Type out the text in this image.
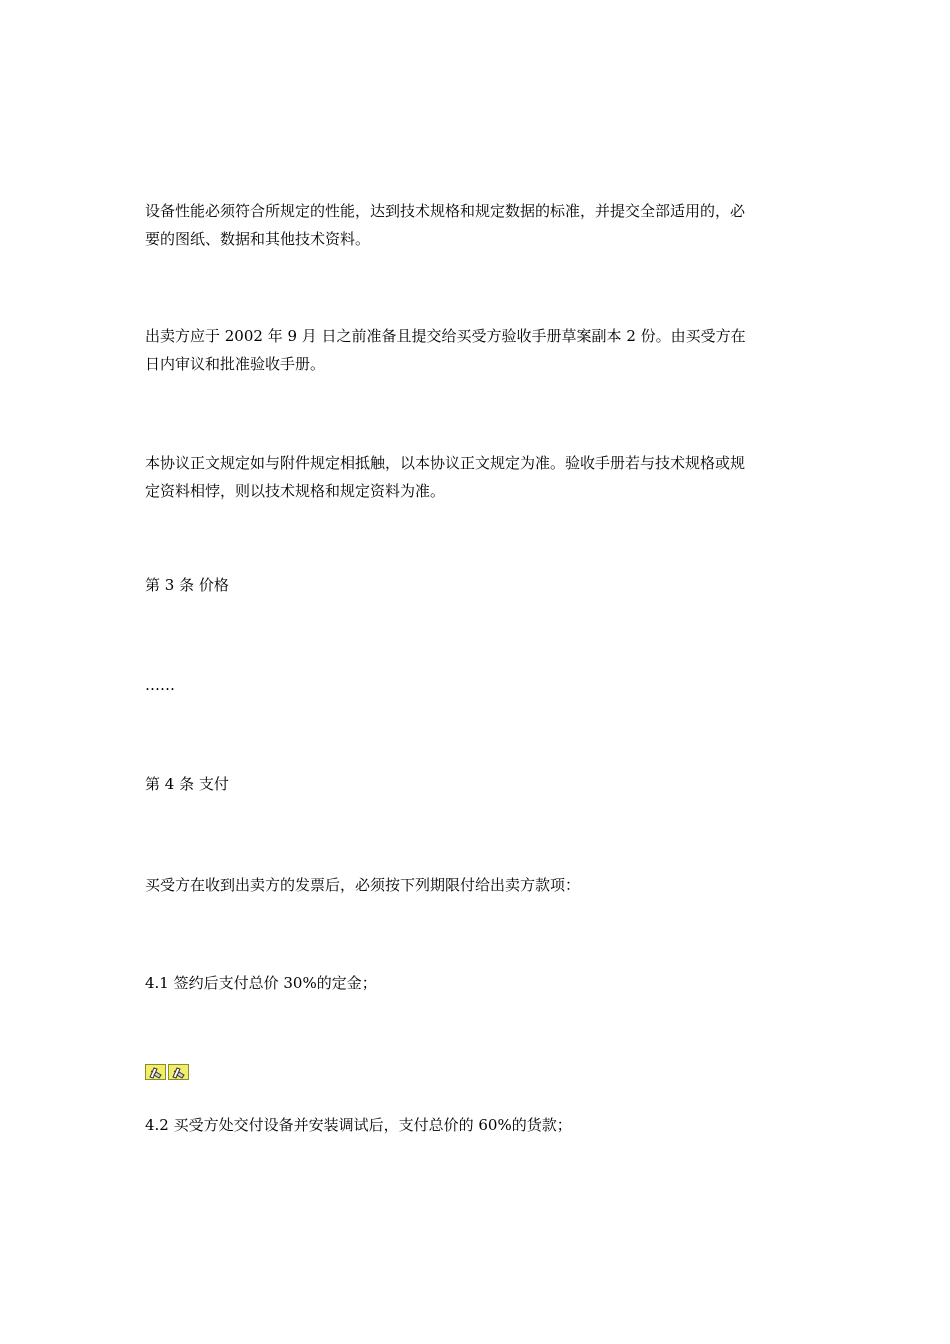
设备性能必须符合所规定的性能，达到技术规格和规定数据的标准，并提交全部适用的，必
要的图纸、数据和其他技术资料。

出卖方应于 2002 年 9 月 日之前准备且提交给买受方验收手册草案副本 2 份。由买受方在
日内审议和批准验收手册。

本协议正文规定如与附件规定相抵触，以本协议正文规定为准。验收手册若与技术规格或规
定资料相悖，则以技术规格和规定资料为准。

第 3 条 价格

……

第 4 条 支付

买受方在收到出卖方的发票后，必须按下列期限付给出卖方款项：

4.1 签约后支付总价 30%的定金；

4.2 买受方处交付设备并安装调试后，支付总价的 60%的货款；
